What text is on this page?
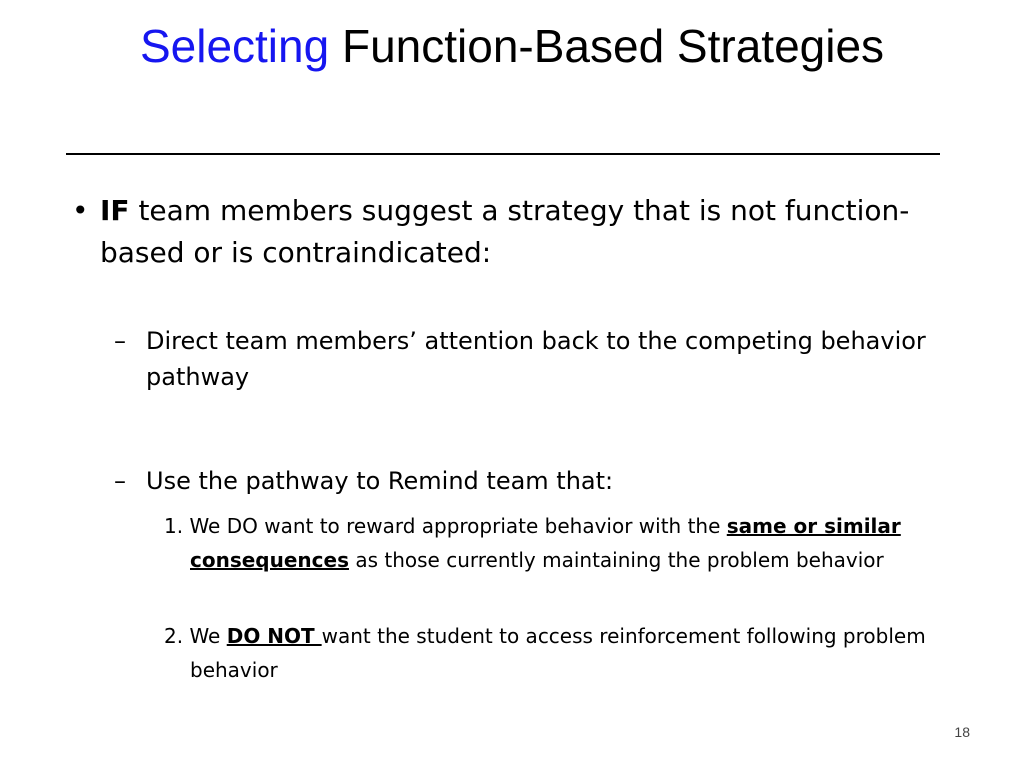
Selecting Function-Based Strategies
• IF team members suggest a strategy that is not function-based or is contraindicated:
– Direct team members’ attention back to the competing behavior pathway
– Use the pathway to Remind team that:
1. We DO want to reward appropriate behavior with the same or similar consequences as those currently maintaining the problem behavior
2. We DO NOT want the student to access reinforcement following problem behavior
18
